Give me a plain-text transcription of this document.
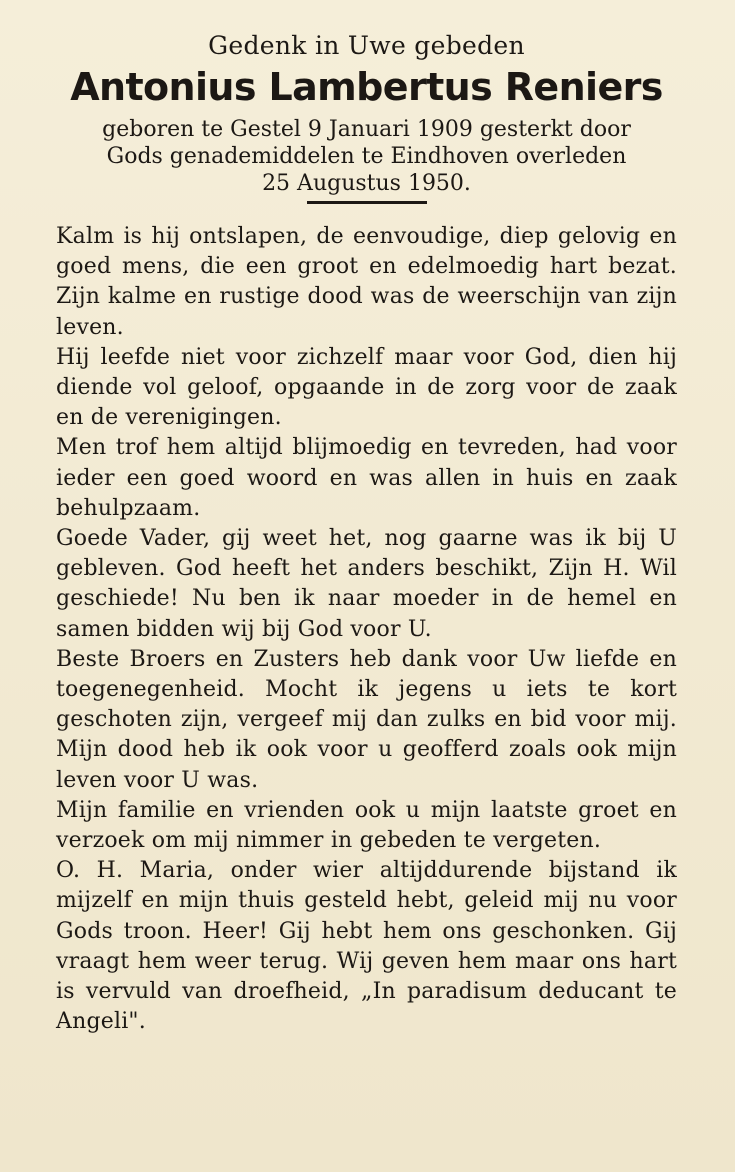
Gedenk in Uwe gebeden

Antonius Lambertus Reniers

geboren te Gestel 9 Januari 1909 gesterkt door
Gods genademiddelen te Eindhoven overleden
25 Augustus 1950.

Kalm is hij ontslapen, de eenvoudige, diep gelovig en goed mens, die een groot en edelmoedig hart bezat. Zijn kalme en rustige dood was de weerschijn van zijn leven.

Hij leefde niet voor zichzelf maar voor God, dien hij diende vol geloof, opgaande in de zorg voor de zaak en de verenigingen.

Men trof hem altijd blijmoedig en tevreden, had voor ieder een goed woord en was allen in huis en zaak behulpzaam.

Goede Vader, gij weet het, nog gaarne was ik bij U gebleven. God heeft het anders beschikt, Zijn H. Wil geschiede! Nu ben ik naar moeder in de hemel en samen bidden wij bij God voor U.

Beste Broers en Zusters heb dank voor Uw liefde en toegenegenheid. Mocht ik jegens u iets te kort geschoten zijn, vergeef mij dan zulks en bid voor mij. Mijn dood heb ik ook voor u geofferd zoals ook mijn leven voor U was.

Mijn familie en vrienden ook u mijn laatste groet en verzoek om mij nimmer in gebeden te vergeten.

O. H. Maria, onder wier altijddurende bijstand ik mijzelf en mijn thuis gesteld hebt, geleid mij nu voor Gods troon. Heer! Gij hebt hem ons geschonken. Gij vraagt hem weer terug. Wij geven hem maar ons hart is vervuld van droefheid, „In paradisum deducant te Angeli".
